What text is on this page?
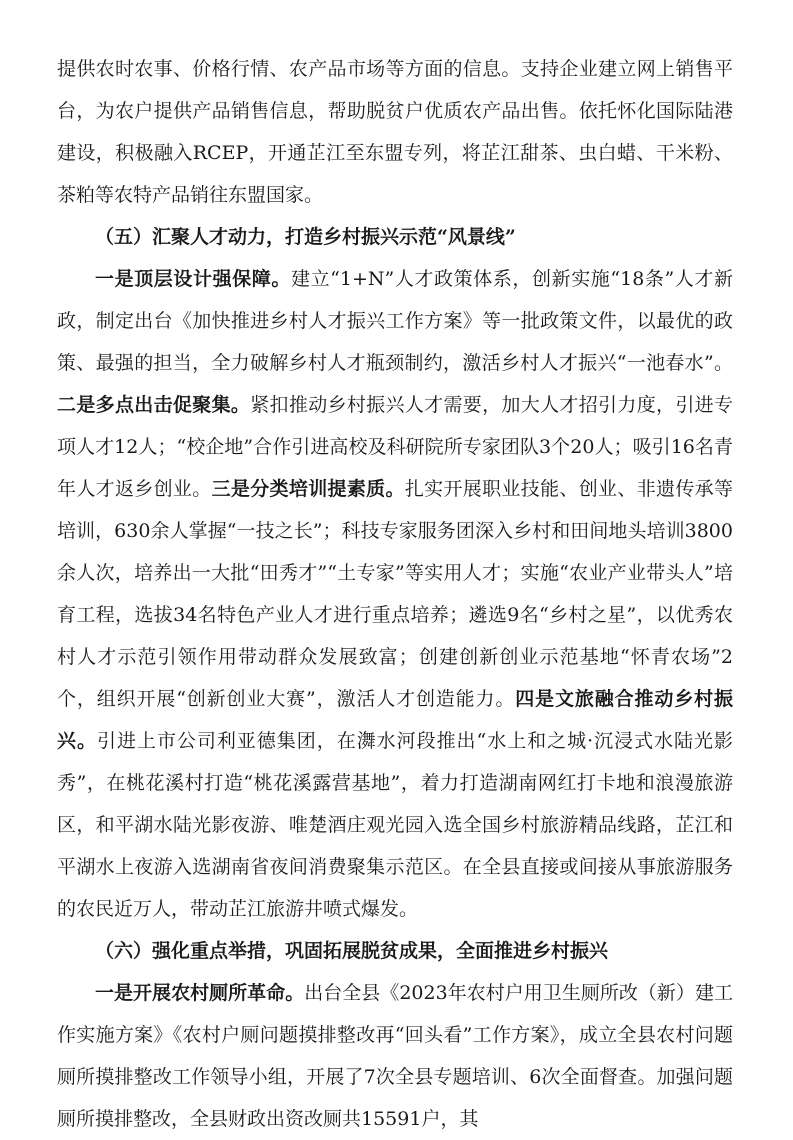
提供农时农事、价格行情、农产品市场等方面的信息。支持企业建立网上销售平台，为农户提供产品销售信息，帮助脱贫户优质农产品出售。依托怀化国际陆港建设，积极融入RCEP，开通芷江至东盟专列，将芷江甜茶、虫白蜡、干米粉、茶粕等农特产品销往东盟国家。

（五）汇聚人才动力，打造乡村振兴示范“风景线”

一是顶层设计强保障。建立“1+N”人才政策体系，创新实施“18条”人才新政，制定出台《加快推进乡村人才振兴工作方案》等一批政策文件，以最优的政策、最强的担当，全力破解乡村人才瓶颈制约，激活乡村人才振兴“一池春水”。二是多点出击促聚集。紧扣推动乡村振兴人才需要，加大人才招引力度，引进专项人才12人；“校企地”合作引进高校及科研院所专家团队3个20人；吸引16名青年人才返乡创业。三是分类培训提素质。扎实开展职业技能、创业、非遗传承等培训，630余人掌握“一技之长”；科技专家服务团深入乡村和田间地头培训3800余人次，培养出一大批“田秀才”“土专家”等实用人才；实施“农业产业带头人”培育工程，选拔34名特色产业人才进行重点培养；遴选9名“乡村之星”，以优秀农村人才示范引领作用带动群众发展致富；创建创新创业示范基地“怀青农场”2个，组织开展“创新创业大赛”，激活人才创造能力。四是文旅融合推动乡村振兴。引进上市公司利亚德集团，在㵲水河段推出“水上和之城·沉浸式水陆光影秀”，在桃花溪村打造“桃花溪露营基地”，着力打造湖南网红打卡地和浪漫旅游区，和平湖水陆光影夜游、唯楚酒庄观光园入选全国乡村旅游精品线路，芷江和平湖水上夜游入选湖南省夜间消费聚集示范区。在全县直接或间接从事旅游服务的农民近万人，带动芷江旅游井喷式爆发。

（六）强化重点举措，巩固拓展脱贫成果，全面推进乡村振兴

一是开展农村厕所革命。出台全县《2023年农村户用卫生厕所改（新）建工作实施方案》《农村户厕问题摸排整改再“回头看”工作方案》，成立全县农村问题厕所摸排整改工作领导小组，开展了7次全县专题培训、6次全面督查。加强问题厕所摸排整改，全县财政出资改厕共15591户，其
